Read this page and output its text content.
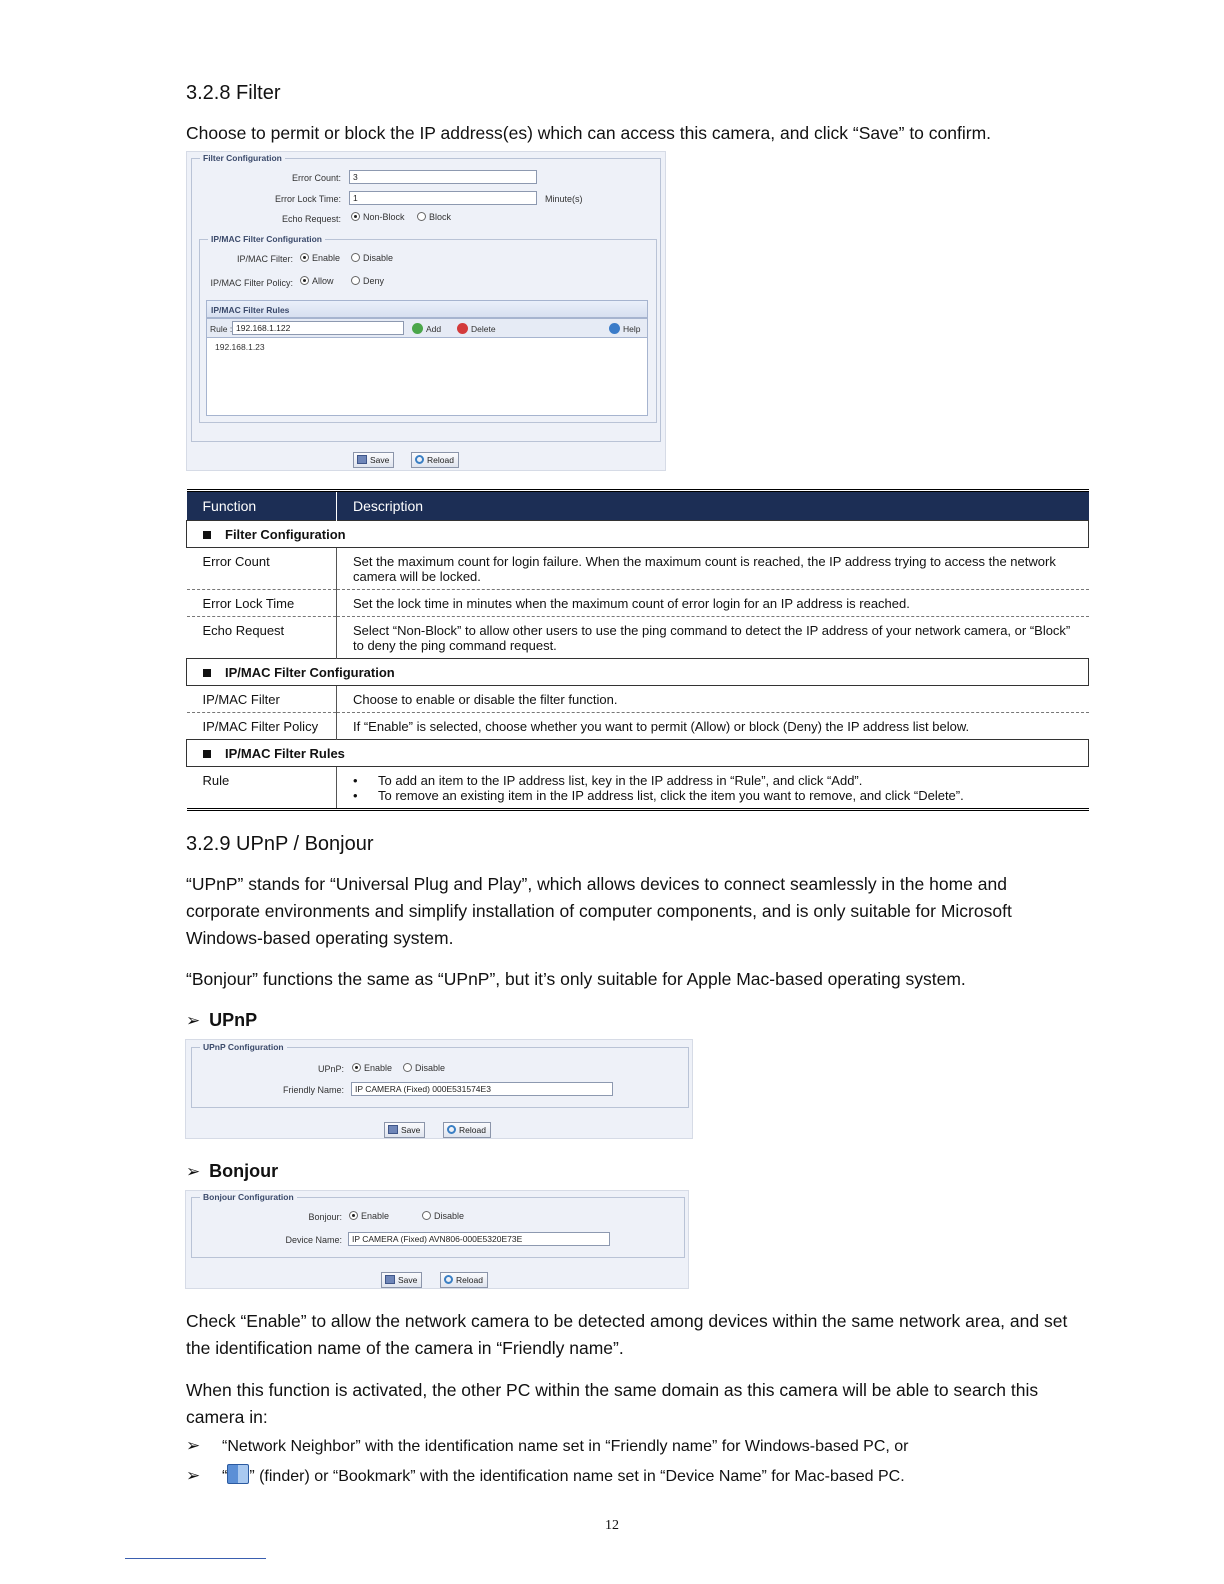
3.2.8 Filter
Choose to permit or block the IP address(es) which can access this camera, and click “Save” to confirm.
Filter Configuration
Error Count:	3
Error Lock Time:	1	Minute(s)
Echo Request:	Non-Block	Block
IP/MAC Filter Configuration
IP/MAC Filter:	Enable	Disable
IP/MAC Filter Policy:	Allow	Deny
IP/MAC Filter Rules
Rule : 192.168.1.122	Add	Delete	Help
192.168.1.23
Save	Reload
Function	Description
Filter Configuration	
Error Count	Set the maximum count for login failure. When the maximum count is reached, the IP address trying to access the network camera will be locked.
Error Lock Time	Set the lock time in minutes when the maximum count of error login for an IP address is reached.
Echo Request	Select “Non-Block” to allow other users to use the ping command to detect the IP address of your network camera, or “Block” to deny the ping command request.
IP/MAC Filter Configuration	
IP/MAC Filter	Choose to enable or disable the filter function.
IP/MAC Filter Policy	If “Enable” is selected, choose whether you want to permit (Allow) or block (Deny) the IP address list below.
IP/MAC Filter Rules	
Rule	• To add an item to the IP address list, key in the IP address in “Rule”, and click “Add”.
• To remove an existing item in the IP address list, click the item you want to remove, and click “Delete”.
3.2.9 UPnP / Bonjour
“UPnP” stands for “Universal Plug and Play”, which allows devices to connect seamlessly in the home and corporate environments and simplify installation of computer components, and is only suitable for Microsoft Windows-based operating system.
“Bonjour” functions the same as “UPnP”, but it’s only suitable for Apple Mac-based operating system.
➢ UPnP
UPnP Configuration
UPnP:	Enable	Disable
Friendly Name:	IP CAMERA (Fixed) 000E531574E3
Save	Reload
➢ Bonjour
Bonjour Configuration
Bonjour:	Enable	Disable
Device Name:	IP CAMERA (Fixed) AVN806-000E5320E73E
Save	Reload
Check “Enable” to allow the network camera to be detected among devices within the same network area, and set the identification name of the camera in “Friendly name”.
When this function is activated, the other PC within the same domain as this camera will be able to search this camera in:
➢ “Network Neighbor” with the identification name set in “Friendly name” for Windows-based PC, or
➢ “ ” (finder) or “Bookmark” with the identification name set in “Device Name” for Mac-based PC.
12
